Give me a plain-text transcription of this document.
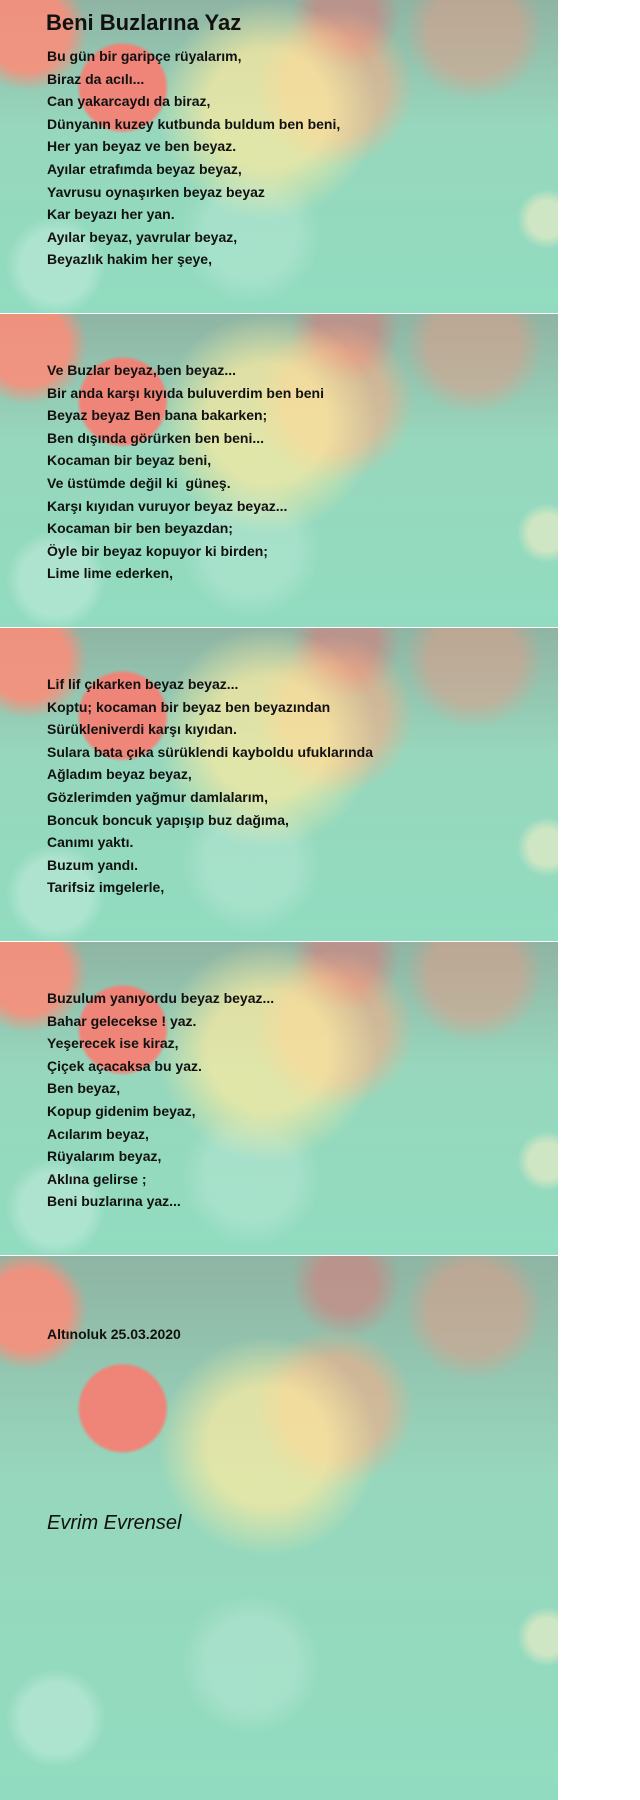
Beni Buzlarına Yaz
Bu gün bir garipçe rüyalarım,
Biraz da acılı...
Can yakarcaydı da biraz,
Dünyanın kuzey kutbunda buldum ben beni,
Her yan beyaz ve ben beyaz.
Ayılar etrafımda beyaz beyaz,
Yavrusu oynaşırken beyaz beyaz
Kar beyazı her yan.
Ayılar beyaz, yavrular beyaz,
Beyazlık hakim her şeye,
Ve Buzlar beyaz,ben beyaz...
Bir anda karşı kıyıda buluverdim ben beni
Beyaz beyaz Ben bana bakarken;
Ben dışında görürken ben beni...
Kocaman bir beyaz beni,
Ve üstümde değil ki  güneş.
Karşı kıyıdan vuruyor beyaz beyaz...
Kocaman bir ben beyazdan;
Öyle bir beyaz kopuyor ki birden;
Lime lime ederken,
Lif lif çıkarken beyaz beyaz...
Koptu; kocaman bir beyaz ben beyazından
Sürükleniverdi karşı kıyıdan.
Sulara bata çıka sürüklendi kayboldu ufuklarında
Ağladım beyaz beyaz,
Gözlerimden yağmur damlalarım,
Boncuk boncuk yapışıp buz dağıma,
Canımı yaktı.
Buzum yandı.
Tarifsiz imgelerle,
Buzulum yanıyordu beyaz beyaz...
Bahar gelecekse ! yaz.
Yeşerecek ise kiraz,
Çiçek açacaksa bu yaz.
Ben beyaz,
Kopup gidenim beyaz,
Acılarım beyaz,
Rüyalarım beyaz,
Aklına gelirse ;
Beni buzlarına yaz...
Altınoluk 25.03.2020
Evrim Evrensel
